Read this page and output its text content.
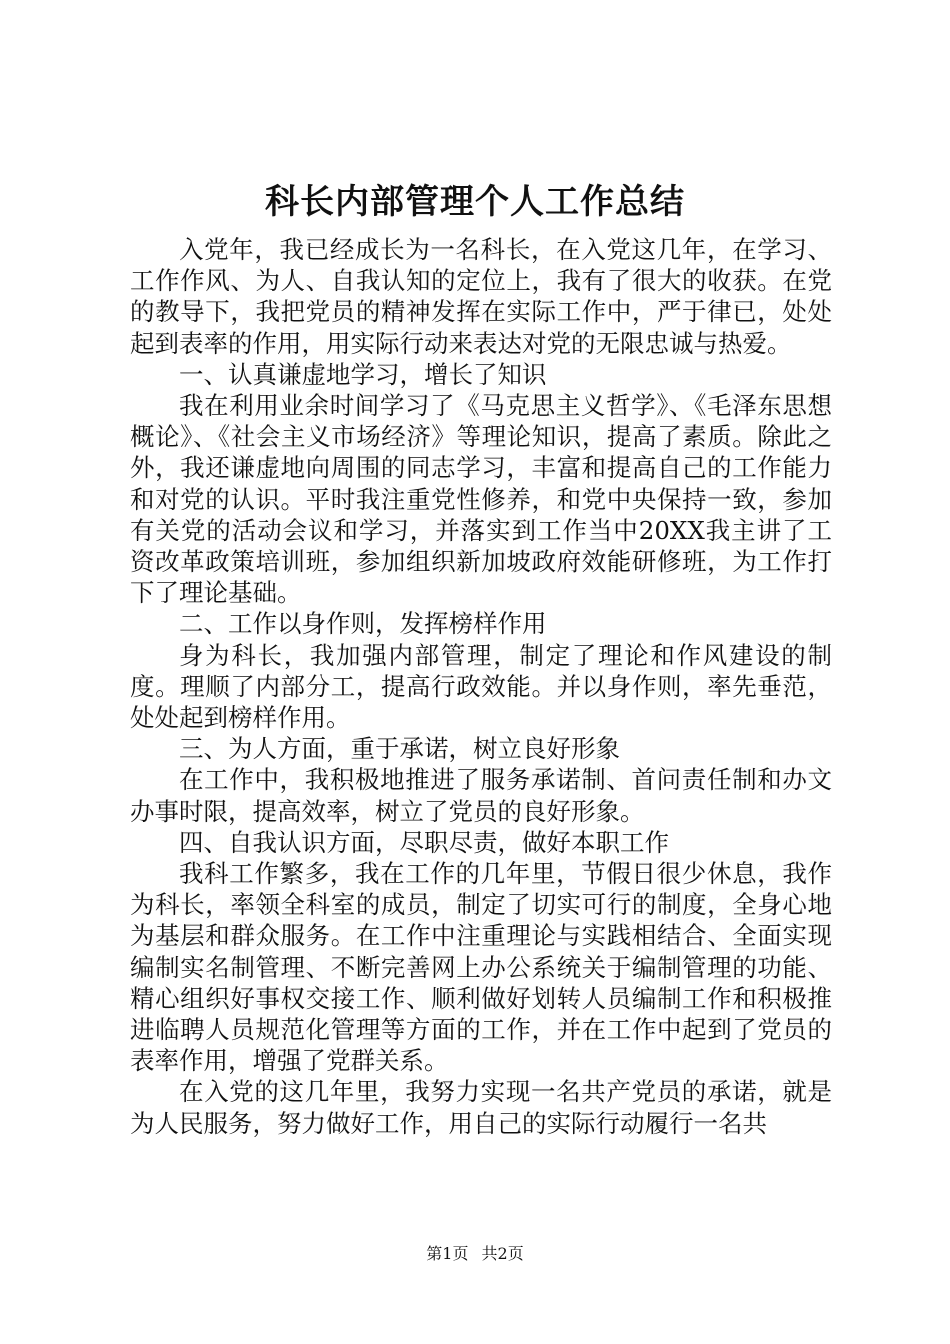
科长内部管理个人工作总结

入党年，我已经成长为一名科长，在入党这几年，在学习、工作作风、为人、自我认知的定位上，我有了很大的收获。在党的教导下，我把党员的精神发挥在实际工作中，严于律已，处处起到表率的作用，用实际行动来表达对党的无限忠诚与热爱。

一、认真谦虚地学习，增长了知识

我在利用业余时间学习了《马克思主义哲学》、《毛泽东思想概论》、《社会主义市场经济》等理论知识，提高了素质。除此之外，我还谦虚地向周围的同志学习，丰富和提高自己的工作能力和对党的认识。平时我注重党性修养，和党中央保持一致，参加有关党的活动会议和学习，并落实到工作当中20XX我主讲了工资改革政策培训班，参加组织新加坡政府效能研修班，为工作打下了理论基础。

二、工作以身作则，发挥榜样作用

身为科长，我加强内部管理，制定了理论和作风建设的制度。理顺了内部分工，提高行政效能。并以身作则，率先垂范，处处起到榜样作用。

三、为人方面，重于承诺，树立良好形象

在工作中，我积极地推进了服务承诺制、首问责任制和办文办事时限，提高效率，树立了党员的良好形象。

四、自我认识方面，尽职尽责，做好本职工作

我科工作繁多，我在工作的几年里，节假日很少休息，我作为科长，率领全科室的成员，制定了切实可行的制度，全身心地为基层和群众服务。在工作中注重理论与实践相结合、全面实现编制实名制管理、不断完善网上办公系统关于编制管理的功能、精心组织好事权交接工作、顺利做好划转人员编制工作和积极推进临聘人员规范化管理等方面的工作，并在工作中起到了党员的表率作用，增强了党群关系。

在入党的这几年里，我努力实现一名共产党员的承诺，就是为人民服务，努力做好工作，用自己的实际行动履行一名共

第1页 共2页
